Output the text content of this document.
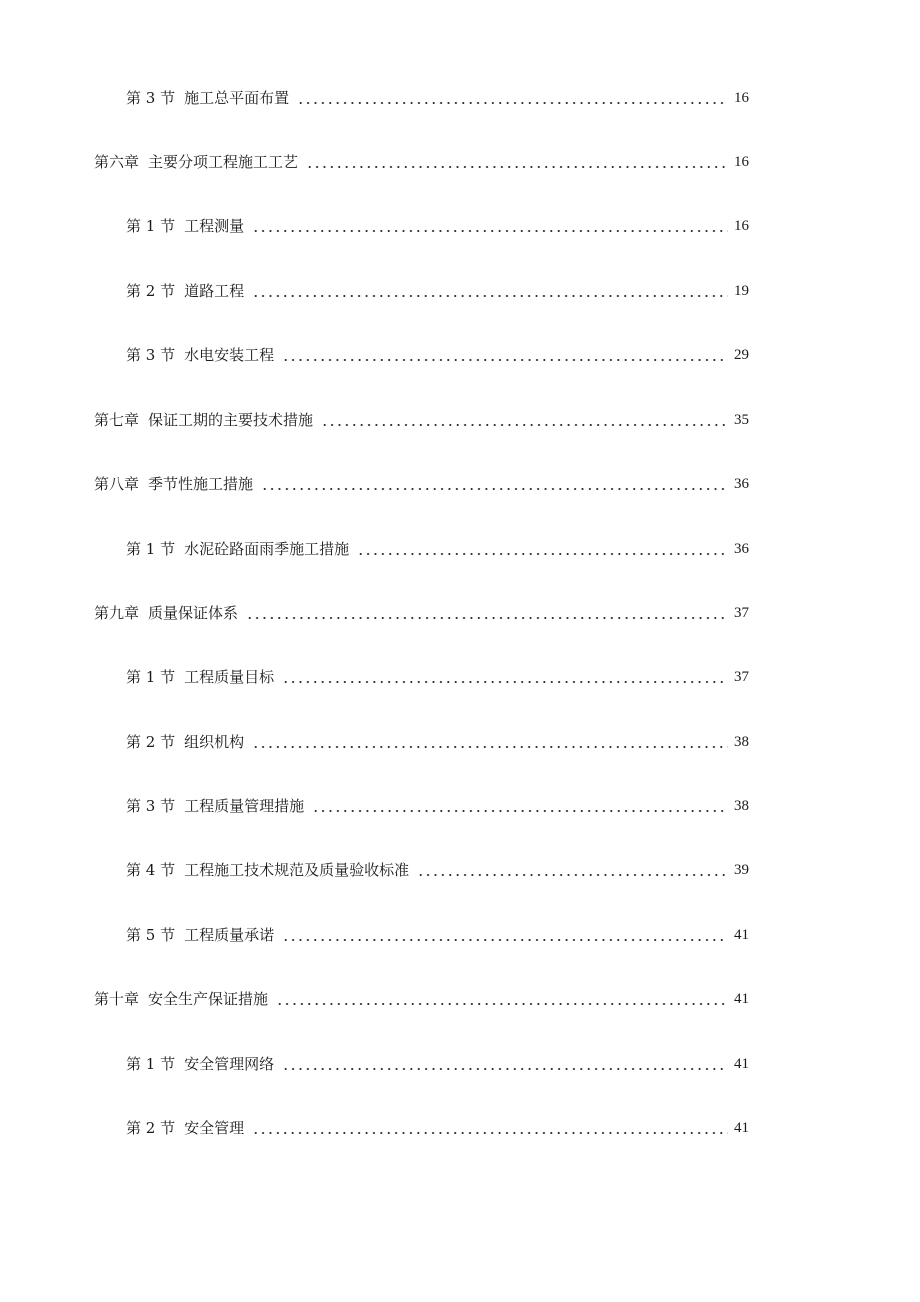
第 3 节 施工总平面布置	16
第六章 主要分项工程施工工艺	16
第 1 节 工程测量	16
第 2 节 道路工程	19
第 3 节 水电安装工程	29
第七章 保证工期的主要技术措施	35
第八章 季节性施工措施	36
第 1 节 水泥砼路面雨季施工措施	36
第九章 质量保证体系	37
第 1 节 工程质量目标	37
第 2 节 组织机构	38
第 3 节 工程质量管理措施	38
第 4 节 工程施工技术规范及质量验收标准	39
第 5 节 工程质量承诺	41
第十章 安全生产保证措施	41
第 1 节 安全管理网络	41
第 2 节 安全管理	41
